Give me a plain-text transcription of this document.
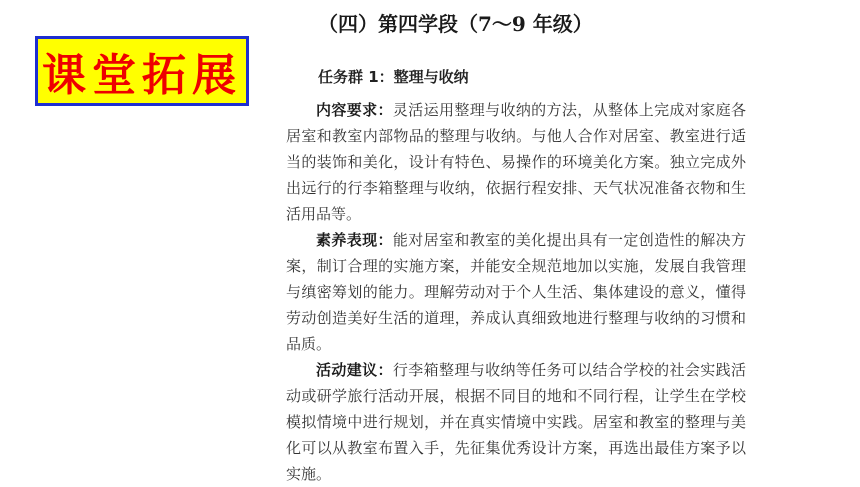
课堂拓展
（四）第四学段（7～9 年级）
任务群 1：整理与收纳

内容要求：灵活运用整理与收纳的方法，从整体上完成对家庭各居室和教室内部物品的整理与收纳。与他人合作对居室、教室进行适当的装饰和美化，设计有特色、易操作的环境美化方案。独立完成外出远行的行李箱整理与收纳，依据行程安排、天气状况准备衣物和生活用品等。

素养表现：能对居室和教室的美化提出具有一定创造性的解决方案，制订合理的实施方案，并能安全规范地加以实施，发展自我管理与缜密筹划的能力。理解劳动对于个人生活、集体建设的意义，懂得劳动创造美好生活的道理，养成认真细致地进行整理与收纳的习惯和品质。

活动建议：行李箱整理与收纳等任务可以结合学校的社会实践活动或研学旅行活动开展，根据不同目的地和不同行程，让学生在学校模拟情境中进行规划，并在真实情境中实践。居室和教室的整理与美化可以从教室布置入手，先征集优秀设计方案，再选出最佳方案予以实施。
